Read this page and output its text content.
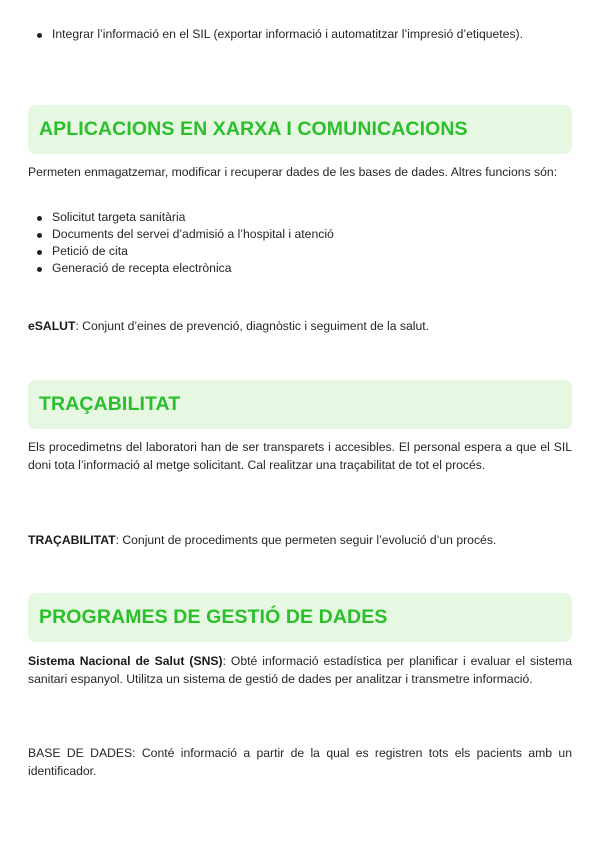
Integrar l’informació en el SIL (exportar informació i automatitzar l’impresió d’etiquetes).
APLICACIONS EN XARXA I COMUNICACIONS

Permeten enmagatzemar, modificar i recuperar dades de les bases de dades. Altres funcions són:

Solicitut targeta sanitària
Documents del servei d’admisió a l’hospital i atenció
Petició de cita
Generació de recepta electrònica

eSALUT: Conjunt d’eines de prevenció, diagnòstic i seguiment de la salut.

TRAÇABILITAT

Els procedimetns del laboratori han de ser transparets i accesibles. El personal espera a que el SIL doni tota l’informació al metge solicitant. Cal realitzar una traçabilitat de tot el procés.

TRAÇABILITAT: Conjunt de procediments que permeten seguir l’evolució d’un procés.

PROGRAMES DE GESTIÓ DE DADES

Sistema Nacional de Salut (SNS): Obté informació estadística per planificar i evaluar el sistema sanitari espanyol. Utilitza un sistema de gestió de dades per analitzar i transmetre informació.

BASE DE DADES: Conté informació a partir de la qual es registren tots els pacients amb un identificador.
